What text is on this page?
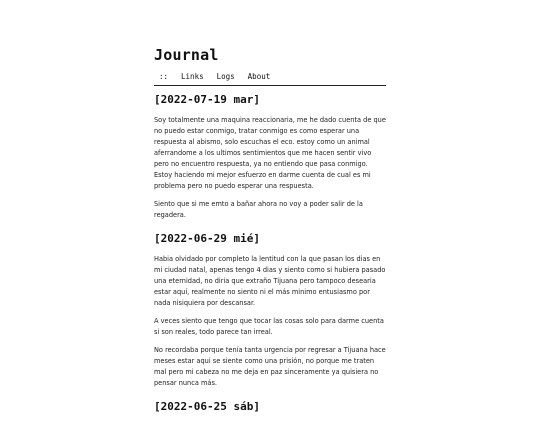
Journal
:: Links Logs About
[2022-07-19 mar]

Soy totalmente una maquina reaccionaria, me he dado cuenta de que no puedo estar conmigo, tratar conmigo es como esperar una respuesta al abismo, solo escuchas el eco. estoy como un animal aferrandome a los ultimos sentimientos que me hacen sentir vivo pero no encuentro respuesta, ya no entiendo que pasa conmigo. Estoy haciendo mi mejor esfuerzo en darme cuenta de cual es mi problema pero no puedo esperar una respuesta.

Siento que si me emto a bañar ahora no voy a poder salir de la regadera.

[2022-06-29 mié]

Habia olvidado por completo la lentitud con la que pasan los dias en mi ciudad natal, apenas tengo 4 dias y siento como si hubiera pasado una eternidad, no diria que extraño Tijuana pero tampoco desearia estar aquí, realmente no siento ni el más minimo entusiasmo por nada nisiquiera por descansar.

A veces siento que tengo que tocar las cosas solo para darme cuenta si son reales, todo parece tan irreal.

No recordaba porque tenía tanta urgencia por regresar a Tijuana hace meses estar aqui se siente como una prisión, no porque me traten mal pero mi cabeza no me deja en paz sinceramente ya quisiera no pensar nunca más.

[2022-06-25 sáb]
